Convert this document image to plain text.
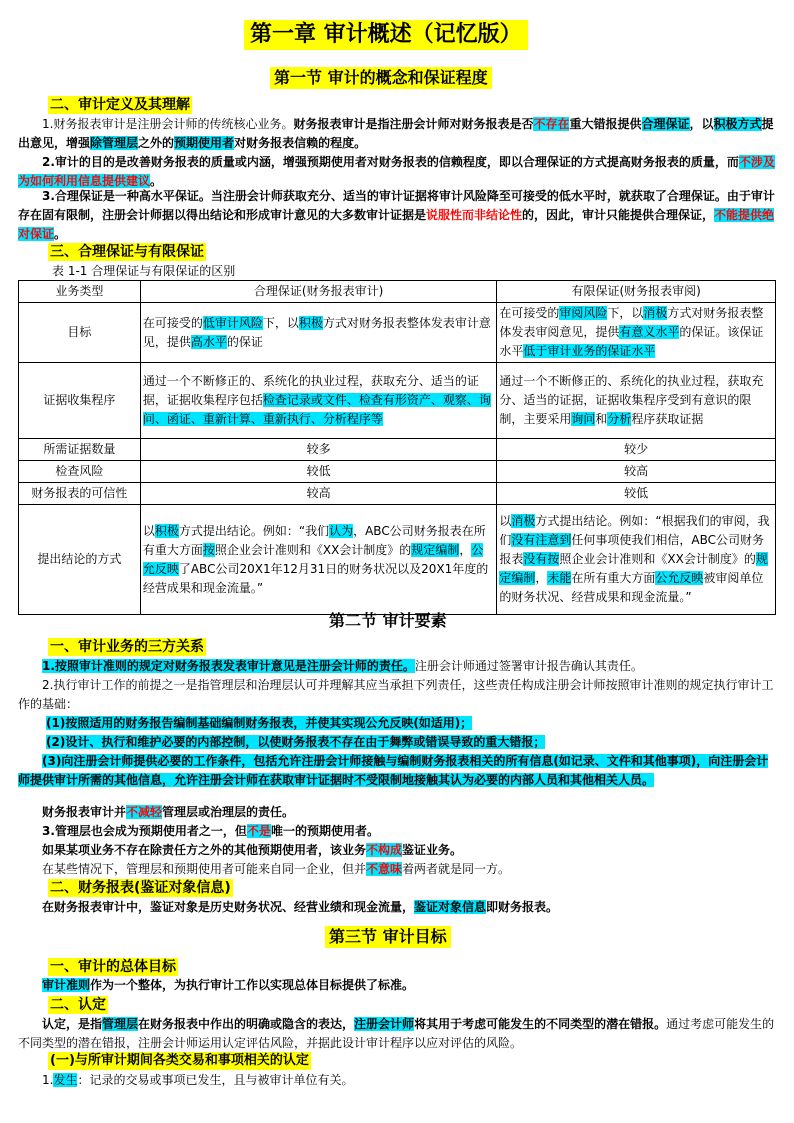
第一章 审计概述（记忆版）
第一节 审计的概念和保证程度
二、审计定义及其理解
1.财务报表审计是注册会计师的传统核心业务。财务报表审计是指注册会计师对财务报表是否不存在重大错报提供合理保证，以积极方式提出意见，增强除管理层之外的预期使用者对财务报表信赖的程度。
2.审计的目的是改善财务报表的质量或内涵，增强预期使用者对财务报表的信赖程度，即以合理保证的方式提高财务报表的质量，而不涉及为如何利用信息提供建议。
3.合理保证是一种高水平保证。当注册会计师获取充分、适当的审计证据将审计风险降至可接受的低水平时，就获取了合理保证。由于审计存在固有限制，注册会计师据以得出结论和形成审计意见的大多数审计证据是说服性而非结论性的，因此，审计只能提供合理保证，不能提供绝对保证。
三、合理保证与有限保证
表 1-1 合理保证与有限保证的区别
业务类型	合理保证(财务报表审计)	有限保证(财务报表审阅)
目标	在可接受的低审计风险下，以积极方式对财务报表整体发表审计意见，提供高水平的保证	在可接受的审阅风险下，以消极方式对财务报表整体发表审阅意见，提供有意义水平的保证。该保证水平低于审计业务的保证水平
证据收集程序	通过一个不断修正的、系统化的执业过程，获取充分、适当的证据，证据收集程序包括检查记录或文件、检查有形资产、观察、询问、函证、重新计算、重新执行、分析程序等	通过一个不断修正的、系统化的执业过程，获取充分、适当的证据，证据收集程序受到有意识的限制，主要采用询问和分析程序获取证据
所需证据数量	较多	较少
检查风险	较低	较高
财务报表的可信性	较高	较低
提出结论的方式	以积极方式提出结论。例如：“我们认为，ABC公司财务报表在所有重大方面按照企业会计准则和《XX会计制度》的规定编制，公允反映了ABC公司20X1年12月31日的财务状况以及20X1年度的经营成果和现金流量。”	以消极方式提出结论。例如：“根据我们的审阅，我们没有注意到任何事项使我们相信，ABC公司财务报表没有按照企业会计准则和《XX会计制度》的规定编制，未能在所有重大方面公允反映被审阅单位的财务状况、经营成果和现金流量。”
第二节 审计要素
一、审计业务的三方关系
1.按照审计准则的规定对财务报表发表审计意见是注册会计师的责任。注册会计师通过签署审计报告确认其责任。
2.执行审计工作的前提之一是指管理层和治理层认可并理解其应当承担下列责任，这些责任构成注册会计师按照审计准则的规定执行审计工作的基础：
(1)按照适用的财务报告编制基础编制财务报表，并使其实现公允反映(如适用)；
(2)设计、执行和维护必要的内部控制，以使财务报表不存在由于舞弊或错误导致的重大错报；
(3)向注册会计师提供必要的工作条件，包括允许注册会计师接触与编制财务报表相关的所有信息(如记录、文件和其他事项)，向注册会计师提供审计所需的其他信息，允许注册会计师在获取审计证据时不受限制地接触其认为必要的内部人员和其他相关人员。
财务报表审计并不减轻管理层或治理层的责任。
3.管理层也会成为预期使用者之一，但不是唯一的预期使用者。
如果某项业务不存在除责任方之外的其他预期使用者，该业务不构成鉴证业务。
在某些情况下，管理层和预期使用者可能来自同一企业，但并不意味着两者就是同一方。
二、财务报表(鉴证对象信息)
在财务报表审计中，鉴证对象是历史财务状况、经营业绩和现金流量，鉴证对象信息即财务报表。
第三节 审计目标
一、审计的总体目标
审计准则作为一个整体，为执行审计工作以实现总体目标提供了标准。
二、认定
认定，是指管理层在财务报表中作出的明确或隐含的表达，注册会计师将其用于考虑可能发生的不同类型的潜在错报。通过考虑可能发生的不同类型的潜在错报，注册会计师运用认定评估风险，并据此设计审计程序以应对评估的风险。
(一)与所审计期间各类交易和事项相关的认定
1.发生：记录的交易或事项已发生，且与被审计单位有关。
